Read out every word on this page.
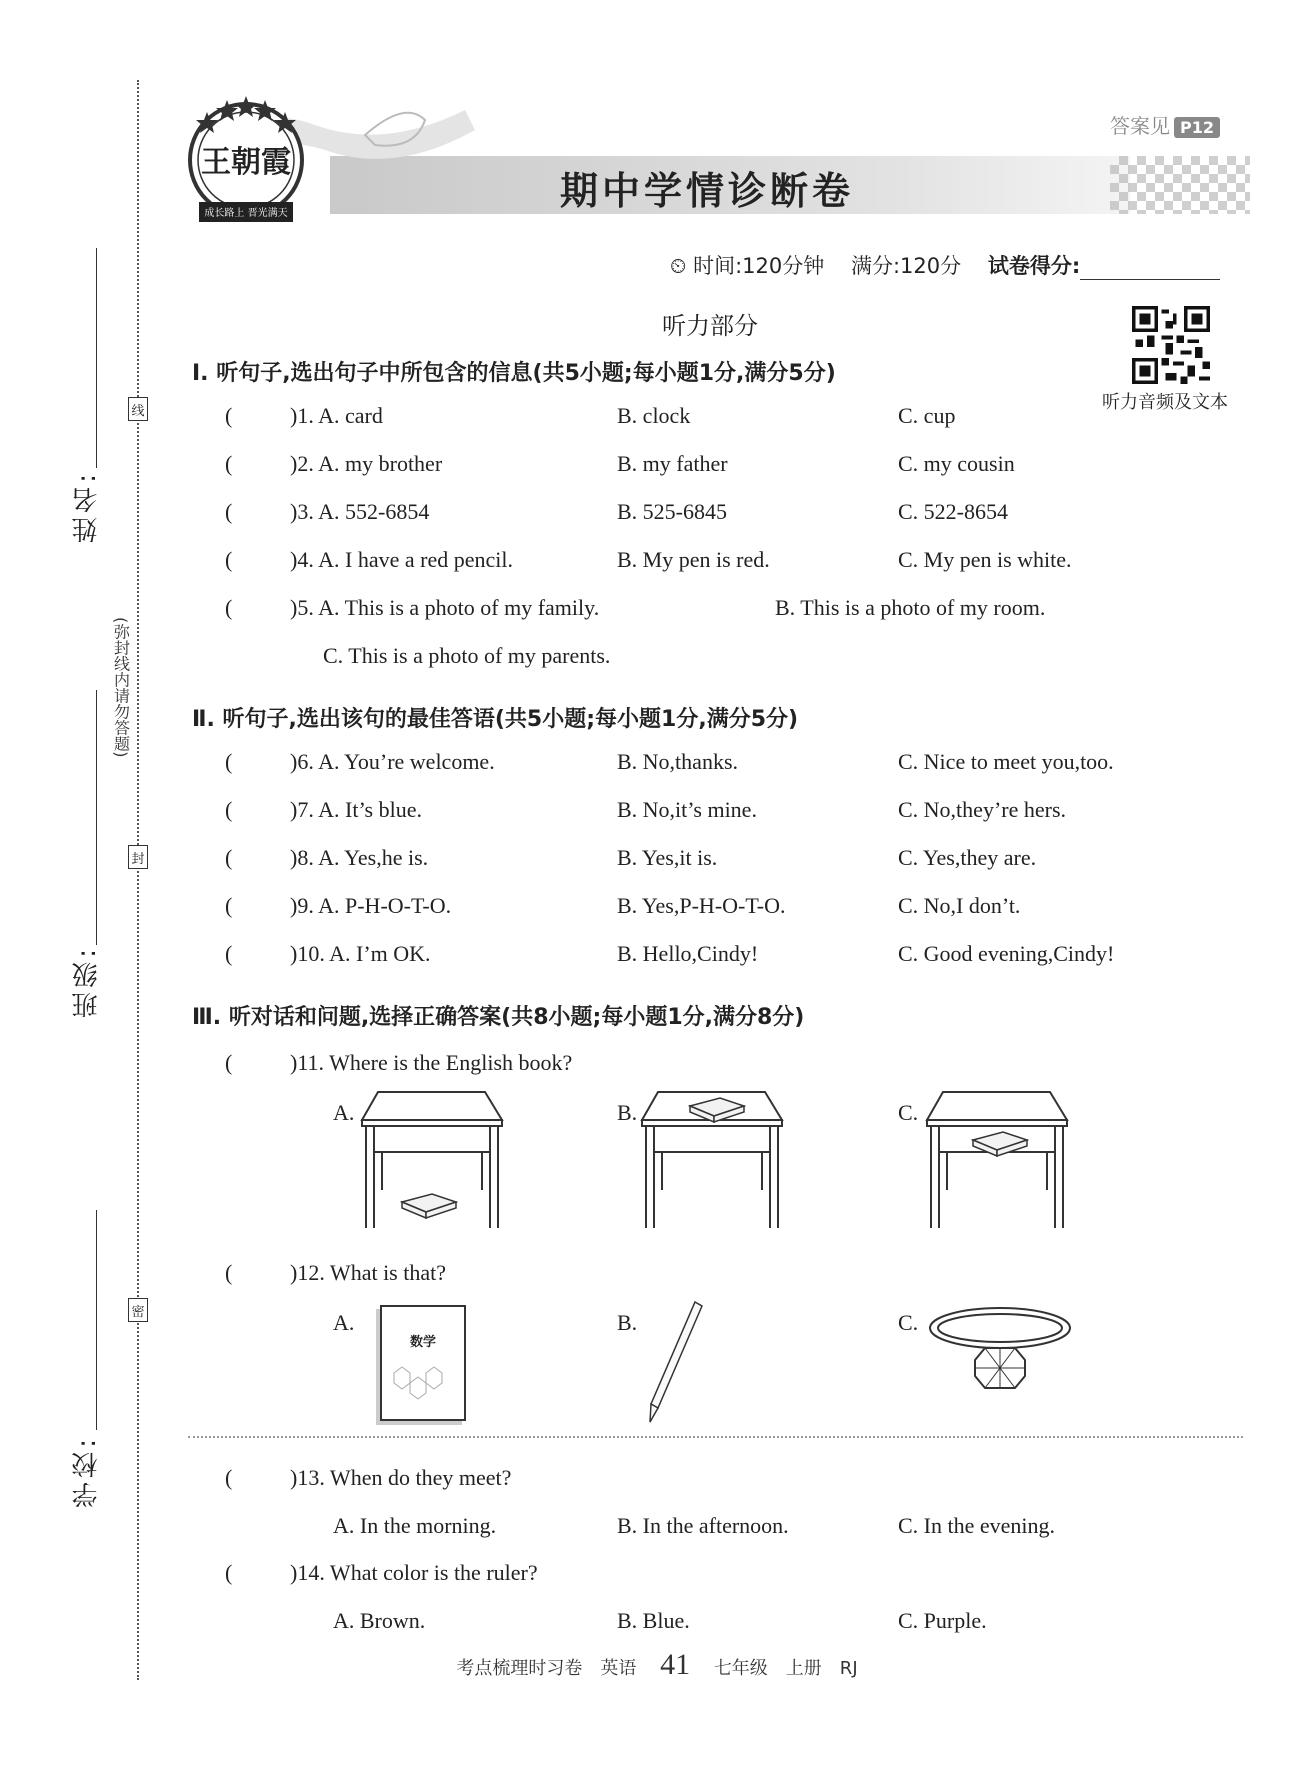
姓名:
班级:
学校:
线
封
密
(弥封线内请勿答题)
王朝霞
成长路上 晋光满天
期中学情诊断卷
答案见 P12
⏲ 时间:120分钟 满分:120分 试卷得分:
听力音频及文本
听力部分
Ⅰ. 听句子,选出句子中所包含的信息(共5小题;每小题1分,满分5分)
(	)1. A. card	B. clock	C. cup
(	)2. A. my brother	B. my father	C. my cousin
(	)3. A. 552-6854	B. 525-6845	C. 522-8654
(	)4. A. I have a red pencil.	B. My pen is red.	C. My pen is white.
(	)5. A. This is a photo of my family.	B. This is a photo of my room.
C. This is a photo of my parents.
Ⅱ. 听句子,选出该句的最佳答语(共5小题;每小题1分,满分5分)
(	)6. A. You’re welcome.	B. No,thanks.	C. Nice to meet you,too.
(	)7. A. It’s blue.	B. No,it’s mine.	C. No,they’re hers.
(	)8. A. Yes,he is.	B. Yes,it is.	C. Yes,they are.
(	)9. A. P-H-O-T-O.	B. Yes,P-H-O-T-O.	C. No,I don’t.
(	)10. A. I’m OK.	B. Hello,Cindy!	C. Good evening,Cindy!
Ⅲ. 听对话和问题,选择正确答案(共8小题;每小题1分,满分8分)
(	)11. Where is the English book?
A.	B.	C.
(	)12. What is that?
A.	B.	C.
数学
(	)13. When do they meet?
A. In the morning.	B. In the afternoon.	C. In the evening.
(	)14. What color is the ruler?
A. Brown.	B. Blue.	C. Purple.
考点梳理时习卷　英语 41 七年级　上册　RJ
